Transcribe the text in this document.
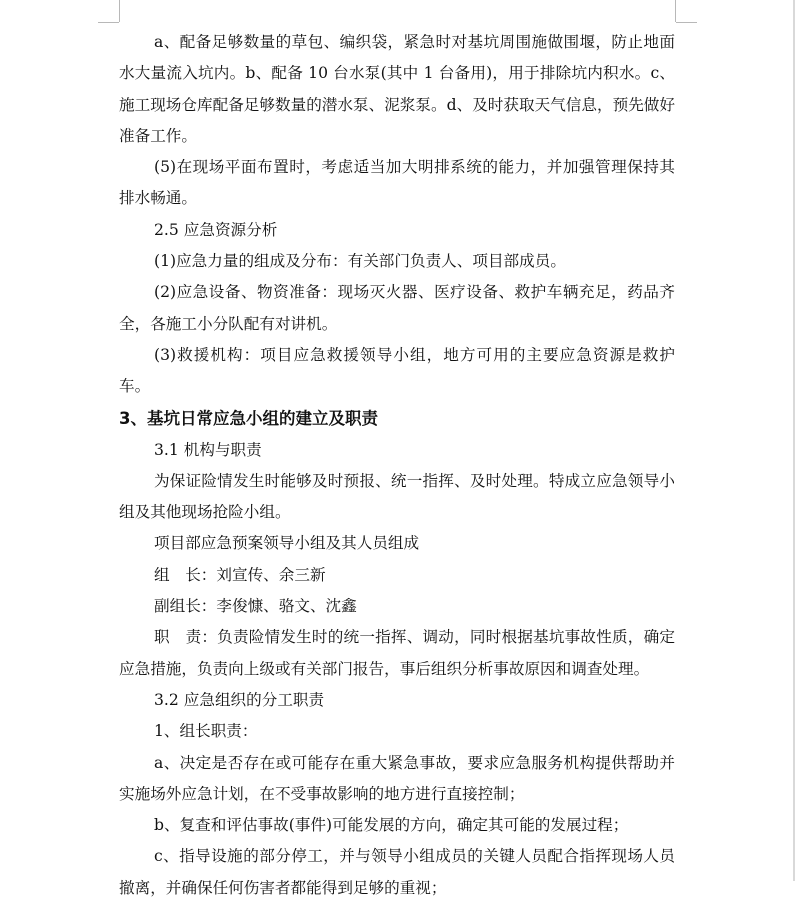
a、配备足够数量的草包、编织袋，紧急时对基坑周围施做围堰，防止地面水大量流入坑内。b、配备 10 台水泵(其中 1 台备用)，用于排除坑内积水。c、施工现场仓库配备足够数量的潜水泵、泥浆泵。d、及时获取天气信息，预先做好准备工作。

(5)在现场平面布置时，考虑适当加大明排系统的能力，并加强管理保持其排水畅通。

2.5 应急资源分析

(1)应急力量的组成及分布：有关部门负责人、项目部成员。

(2)应急设备、物资准备：现场灭火器、医疗设备、救护车辆充足，药品齐全，各施工小分队配有对讲机。

(3)救援机构：项目应急救援领导小组，地方可用的主要应急资源是救护车。

3、基坑日常应急小组的建立及职责

3.1 机构与职责

为保证险情发生时能够及时预报、统一指挥、及时处理。特成立应急领导小组及其他现场抢险小组。

项目部应急预案领导小组及其人员组成

组　长：刘宣传、余三新

副组长：李俊慷、骆文、沈鑫

职　责：负责险情发生时的统一指挥、调动，同时根据基坑事故性质，确定应急措施，负责向上级或有关部门报告，事后组织分析事故原因和调查处理。

3.2 应急组织的分工职责

1、组长职责：

a、决定是否存在或可能存在重大紧急事故，要求应急服务机构提供帮助并实施场外应急计划，在不受事故影响的地方进行直接控制；

b、复查和评估事故(事件)可能发展的方向，确定其可能的发展过程；

c、指导设施的部分停工，并与领导小组成员的关键人员配合指挥现场人员撤离，并确保任何伤害者都能得到足够的重视；
